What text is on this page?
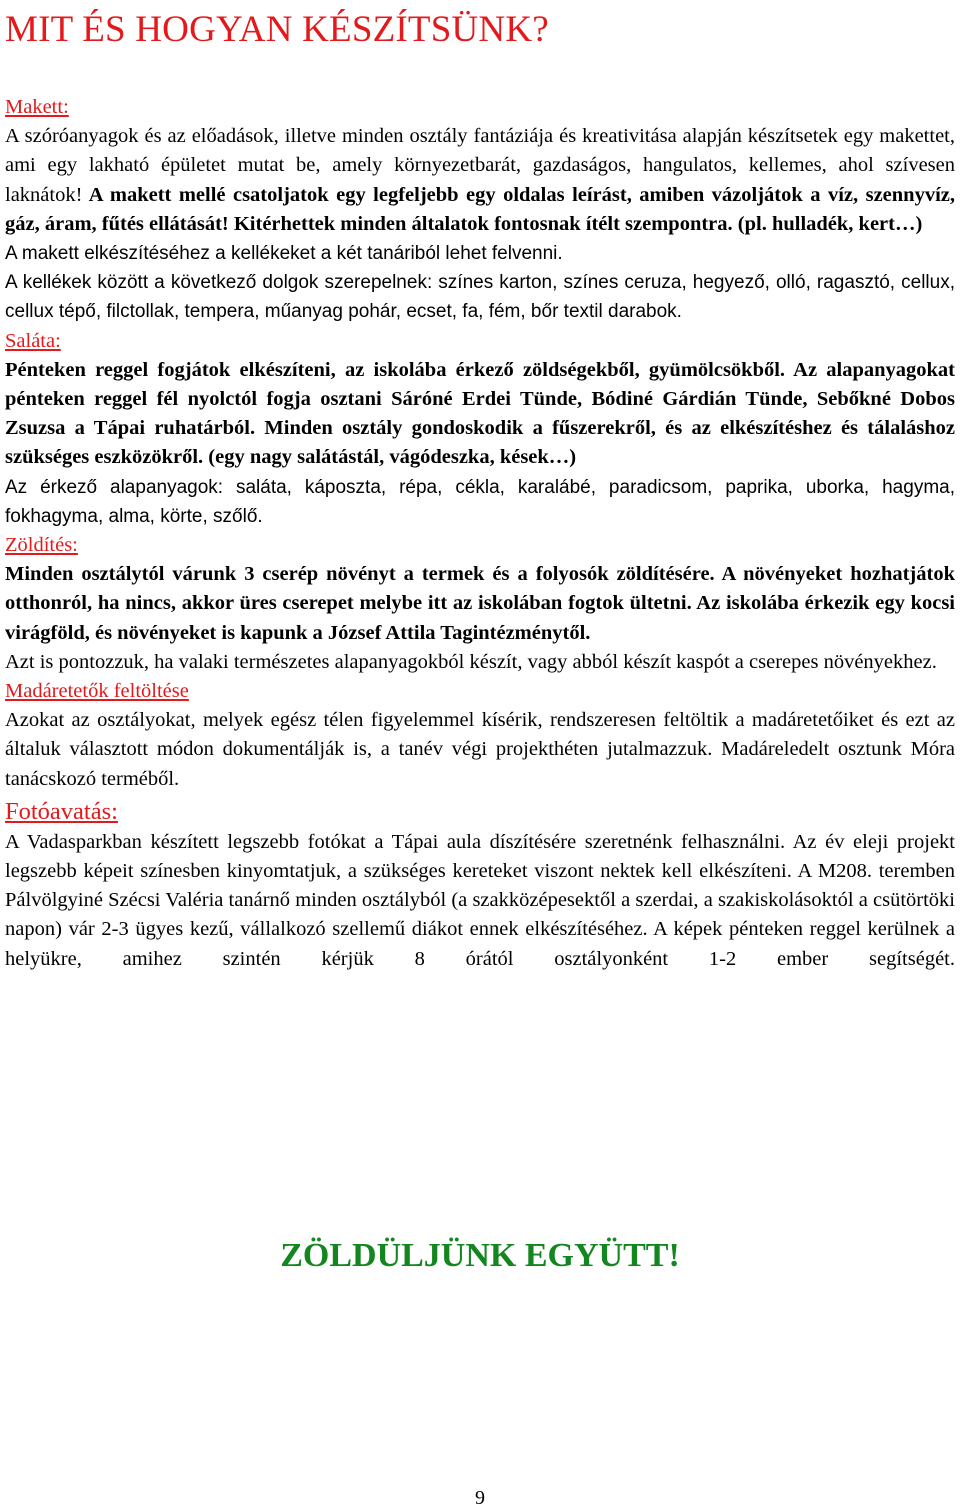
MIT ÉS HOGYAN KÉSZÍTSÜNK?
Makett:

A szóróanyagok és az előadások, illetve minden osztály fantáziája és kreativitása alapján készítsetek egy makettet, ami egy lakható épületet mutat be, amely környezetbarát, gazdaságos, hangulatos, kellemes, ahol szívesen laknátok! A makett mellé csatoljatok egy legfeljebb egy oldalas leírást, amiben vázoljátok a víz, szennyvíz, gáz, áram, fűtés ellátását! Kitérhettek minden általatok fontosnak ítélt szempontra. (pl. hulladék, kert…)

A makett elkészítéséhez a kellékeket a két tanáriból lehet felvenni.

A kellékek között a következő dolgok szerepelnek: színes karton, színes ceruza, hegyező, olló, ragasztó, cellux, cellux tépő, filctollak, tempera, műanyag pohár, ecset, fa, fém, bőr textil darabok.

Saláta:

Pénteken reggel fogjátok elkészíteni, az iskolába érkező zöldségekből, gyümölcsökből. Az alapanyagokat pénteken reggel fél nyolctól fogja osztani Sáróné Erdei Tünde, Bódiné Gárdián Tünde, Sebőkné Dobos Zsuzsa a Tápai ruhatárból. Minden osztály gondoskodik a fűszerekről, és az elkészítéshez és tálaláshoz szükséges eszközökről. (egy nagy salátástál, vágódeszka, kések…)

Az érkező alapanyagok: saláta, káposzta, répa, cékla, karalábé, paradicsom, paprika, uborka, hagyma, fokhagyma, alma, körte, szőlő.

Zöldítés:

Minden osztálytól várunk 3 cserép növényt a termek és a folyosók zöldítésére. A növényeket hozhatjátok otthonról, ha nincs, akkor üres cserepet melybe itt az iskolában fogtok ültetni. Az iskolába érkezik egy kocsi virágföld, és növényeket is kapunk a József Attila Tagintézménytől.

Azt is pontozzuk, ha valaki természetes alapanyagokból készít, vagy abból készít kaspót a cserepes növényekhez.

Madáretetők feltöltése

Azokat az osztályokat, melyek egész télen figyelemmel kísérik, rendszeresen feltöltik a madáretetőiket és ezt az általuk választott módon dokumentálják is, a tanév végi projekthéten jutalmazzuk. Madáreledelt osztunk Móra tanácskozó terméből.

Fotóavatás:

A Vadasparkban készített legszebb fotókat a Tápai aula díszítésére szeretnénk felhasználni. Az év eleji projekt legszebb képeit színesben kinyomtatjuk, a szükséges kereteket viszont nektek kell elkészíteni. A M208. teremben Pálvölgyiné Szécsi Valéria tanárnő minden osztályból (a szakközépesektől a szerdai, a szakiskolásoktól a csütörtöki napon) vár 2-3 ügyes kezű, vállalkozó szellemű diákot ennek elkészítéséhez. A képek pénteken reggel kerülnek a helyükre, amihez szintén kérjük 8 órától osztályonként 1-2 ember segítségét.

ZÖLDÜLJÜNK EGYÜTT!
9
